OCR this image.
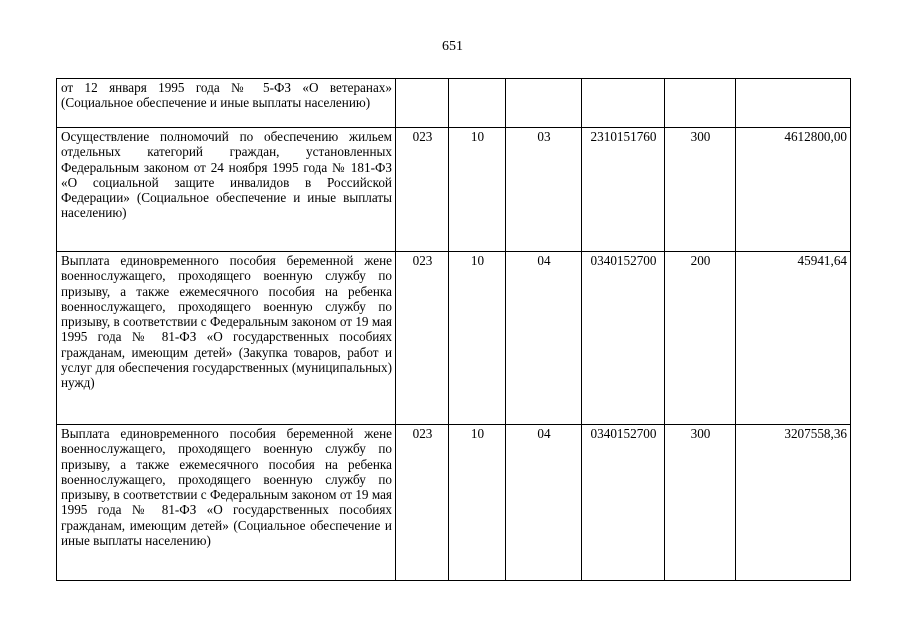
651
от 12 января 1995 года № 5-ФЗ «О ветеранах» (Социальное обеспечение и иные выплаты населению)						
Осуществление полномочий по обеспечению жильем отдельных категорий граждан, установленных Федеральным законом от 24 ноября 1995 года № 181-ФЗ «О социальной защите инвалидов в Российской Федерации» (Социальное обеспечение и иные выплаты населению)	023	10	03	2310151760	300	4612800,00
Выплата единовременного пособия беременной жене военнослужащего, проходящего военную службу по призыву, а также ежемесячного пособия на ребенка военнослужащего, проходящего военную службу по призыву, в соответствии с Федеральным законом от 19 мая 1995 года № 81-ФЗ «О государственных пособиях гражданам, имеющим детей» (Закупка товаров, работ и услуг для обеспечения государственных (муниципальных) нужд)	023	10	04	0340152700	200	45941,64
Выплата единовременного пособия беременной жене военнослужащего, проходящего военную службу по призыву, а также ежемесячного пособия на ребенка военнослужащего, проходящего военную службу по призыву, в соответствии с Федеральным законом от 19 мая 1995 года № 81-ФЗ «О государственных пособиях гражданам, имеющим детей» (Социальное обеспечение и иные выплаты населению)	023	10	04	0340152700	300	3207558,36
